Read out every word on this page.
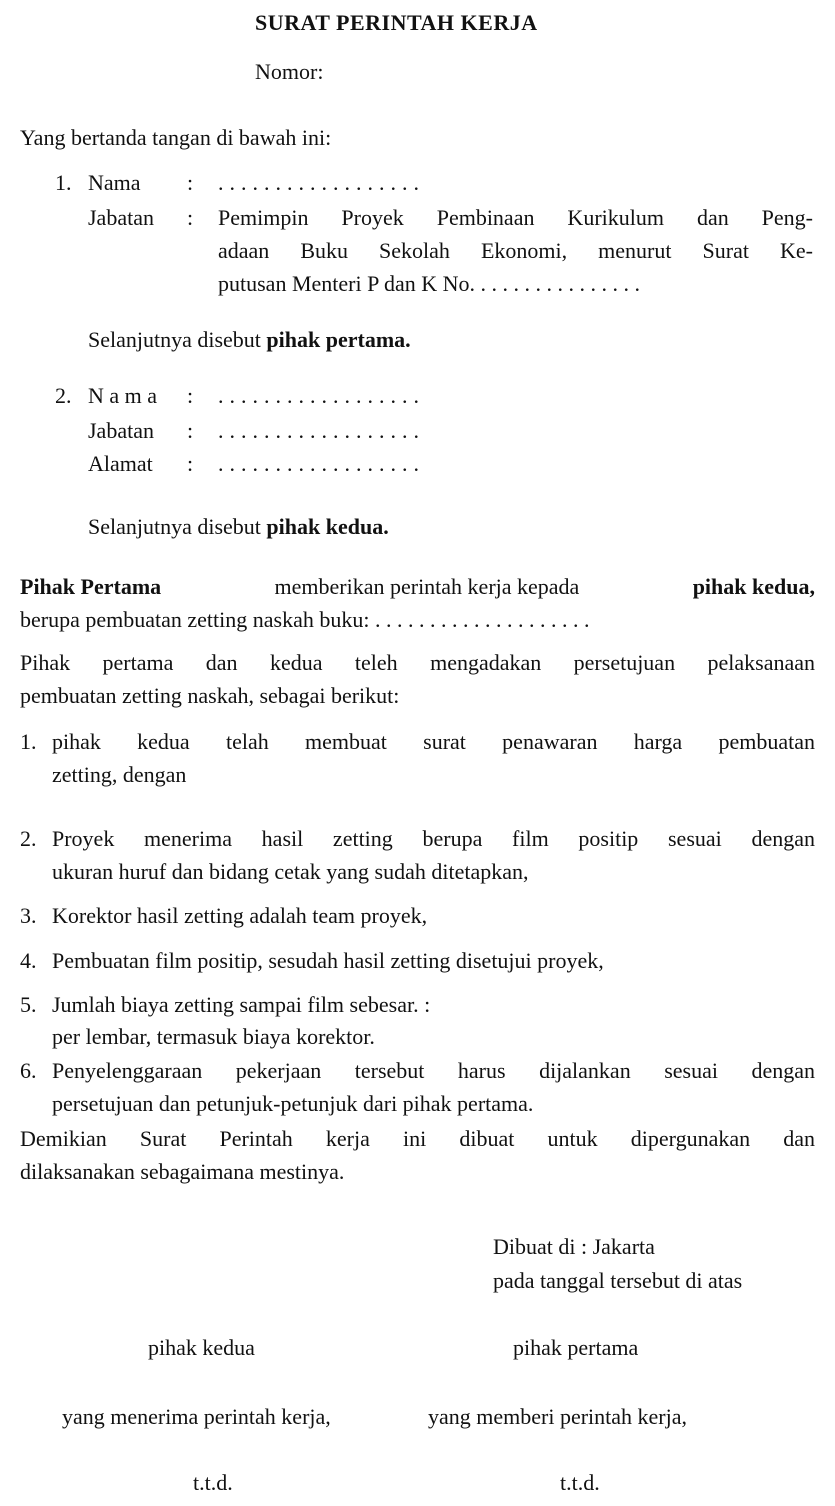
SURAT PERINTAH KERJA
Nomor:
Yang bertanda tangan di bawah ini:
1. Nama : ..................
Jabatan : Pemimpin Proyek Pembinaan Kurikulum dan Peng-
adaan Buku Sekolah Ekonomi, menurut Surat Ke-
putusan Menteri P dan K No. . . . . . . . . . . . . . . .
Selanjutnya disebut pihak pertama.
2. N a m a : ..................
Jabatan : ..................
Alamat : ..................
Selanjutnya disebut pihak kedua.
Pihak Pertama	memberikan perintah kerja kepada	pihak kedua,
berupa pembuatan zetting naskah buku: . . . . . . . . . . . . . . . . . . . .
Pihak pertama dan kedua teleh mengadakan persetujuan pelaksanaan
pembuatan zetting naskah, sebagai berikut:
1. pihak kedua telah membuat surat penawaran harga pembuatan
zetting, dengan
2. Proyek menerima hasil zetting berupa film positip sesuai dengan
ukuran huruf dan bidang cetak yang sudah ditetapkan,
3. Korektor hasil zetting adalah team proyek,
4. Pembuatan film positip, sesudah hasil zetting disetujui proyek,
5. Jumlah biaya zetting sampai film sebesar. :
per lembar, termasuk biaya korektor.
6. Penyelenggaraan pekerjaan tersebut harus dijalankan sesuai dengan
persetujuan dan petunjuk-petunjuk dari pihak pertama.
Demikian Surat Perintah kerja ini dibuat untuk dipergunakan dan
dilaksanakan sebagaimana mestinya.
Dibuat di : Jakarta
pada tanggal tersebut di atas
pihak kedua	pihak pertama
yang menerima perintah kerja,	yang memberi perintah kerja,
t.t.d.	t.t.d.
